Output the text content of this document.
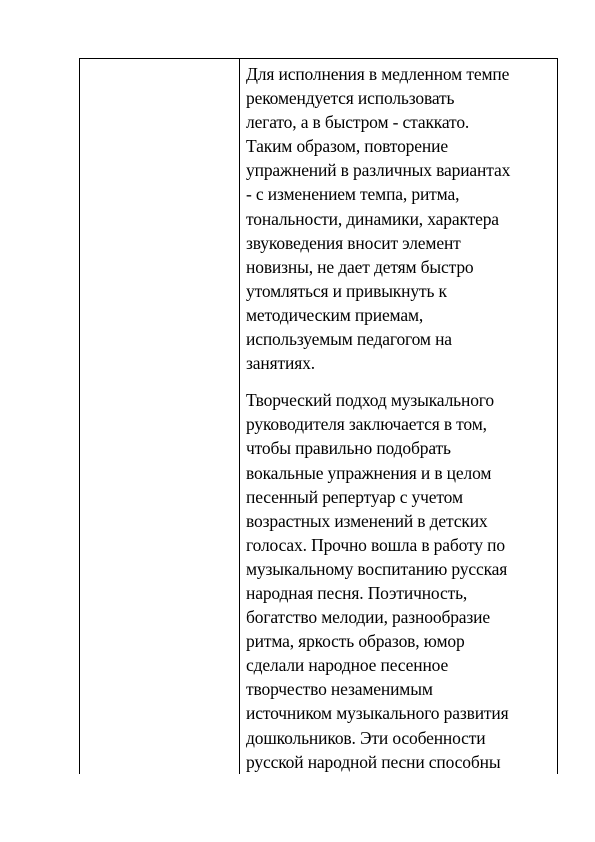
Для исполнения в медленном темпе
рекомендуется использовать
легато, а в быстром - стаккато.
Таким образом, повторение
упражнений в различных вариантах
- с изменением темпа, ритма,
тональности, динамики, характера
звуковедения вносит элемент
новизны, не дает детям быстро
утомляться и привыкнуть к
методическим приемам,
используемым педагогом на
занятиях.

Творческий подход музыкального
руководителя заключается в том,
чтобы правильно подобрать
вокальные упражнения и в целом
песенный репертуар с учетом
возрастных изменений в детских
голосах. Прочно вошла в работу по
музыкальному воспитанию русская
народная песня. Поэтичность,
богатство мелодии, разнообразие
ритма, яркость образов, юмор
сделали народное песенное
творчество незаменимым
источником музыкального развития
дошкольников. Эти особенности
русской народной песни способны
